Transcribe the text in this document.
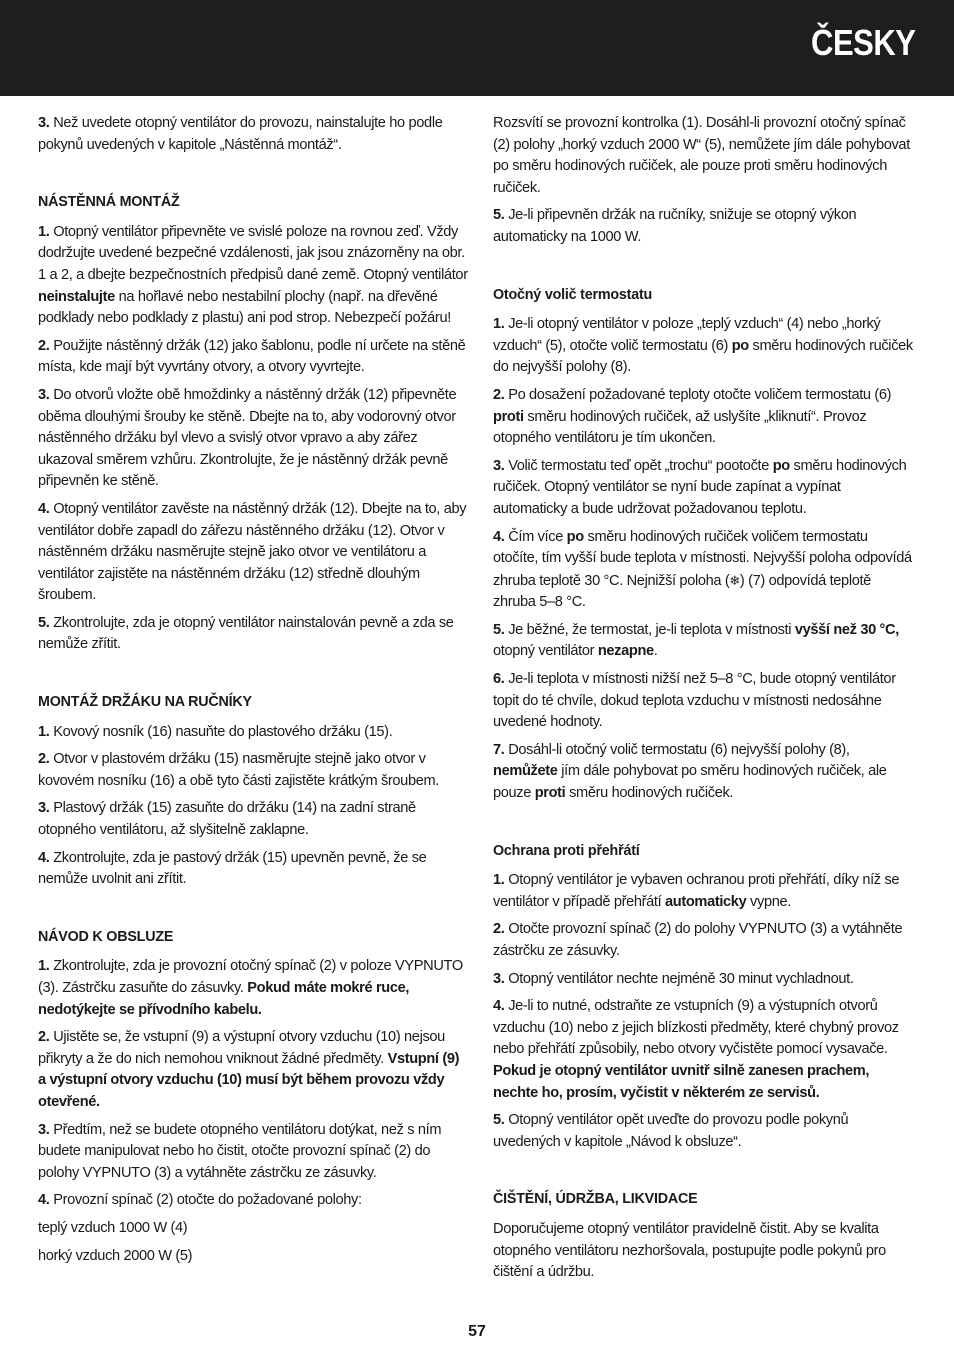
ČESKY

3. Než uvedete otopný ventilátor do provozu, nainstalujte ho podle pokynů uvedených v kapitole „Nástěnná montáž“.

NÁSTĚNNÁ MONTÁŽ

1. Otopný ventilátor připevněte ve svislé poloze na rovnou zeď. Vždy dodržujte uvedené bezpečné vzdálenosti, jak jsou znázorněny na obr. 1 a 2, a dbejte bezpečnostních předpisů dané země. Otopný ventilátor neinstalujte na hořlavé nebo nestabilní plochy (např. na dřevěné podklady nebo podklady z plastu) ani pod strop. Nebezpečí požáru!

2. Použijte nástěnný držák (12) jako šablonu, podle ní určete na stěně místa, kde mají být vyvrtány otvory, a otvory vyvrtejte.

3. Do otvorů vložte obě hmoždinky a nástěnný držák (12) připevněte oběma dlouhými šrouby ke stěně. Dbejte na to, aby vodorovný otvor nástěnného držáku byl vlevo a svislý otvor vpravo a aby zářez ukazoval směrem vzhůru. Zkontrolujte, že je nástěnný držák pevně připevněn ke stěně.

4. Otopný ventilátor zavěste na nástěnný držák (12). Dbejte na to, aby ventilátor dobře zapadl do zářezu nástěnného držáku (12). Otvor v nástěnném držáku nasměrujte stejně jako otvor ve ventilátoru a ventilátor zajistěte na nástěnném držáku (12) středně dlouhým šroubem.

5. Zkontrolujte, zda je otopný ventilátor nainstalován pevně a zda se nemůže zřítit.

MONTÁŽ DRŽÁKU NA RUČNÍKY

1. Kovový nosník (16) nasuňte do plastového držáku (15).

2. Otvor v plastovém držáku (15) nasměrujte stejně jako otvor v kovovém nosníku (16) a obě tyto části zajistěte krátkým šroubem.

3. Plastový držák (15) zasuňte do držáku (14) na zadní straně otopného ventilátoru, až slyšitelně zaklapne.

4. Zkontrolujte, zda je pastový držák (15) upevněn pevně, že se nemůže uvolnit ani zřítit.

NÁVOD K OBSLUZE

1. Zkontrolujte, zda je provozní otočný spínač (2) v poloze VYPNUTO (3). Zástrčku zasuňte do zásuvky. Pokud máte mokré ruce, nedotýkejte se přívodního kabelu.

2. Ujistěte se, že vstupní (9) a výstupní otvory vzduchu (10) nejsou přikryty a že do nich nemohou vniknout žádné předměty. Vstupní (9) a výstupní otvory vzduchu (10) musí být během provozu vždy otevřené.

3. Předtím, než se budete otopného ventilátoru dotýkat, než s ním budete manipulovat nebo ho čistit, otočte provozní spínač (2) do polohy VYPNUTO (3) a vytáhněte zástrčku ze zásuvky.

4. Provozní spínač (2) otočte do požadované polohy:

teplý vzduch 1000 W (4)

horký vzduch 2000 W (5)

Rozsvítí se provozní kontrolka (1). Dosáhl-li provozní otočný spínač (2) polohy „horký vzduch 2000 W“ (5), nemůžete jím dále pohybovat po směru hodinových ručiček, ale pouze proti směru hodinových ručiček.

5. Je-li připevněn držák na ručníky, snižuje se otopný výkon automaticky na 1000 W.

Otočný volič termostatu

1. Je-li otopný ventilátor v poloze „teplý vzduch“ (4) nebo „horký vzduch“ (5), otočte volič termostatu (6) po směru hodinových ručiček do nejvyšší polohy (8).

2. Po dosažení požadované teploty otočte voličem termostatu (6) proti směru hodinových ručiček, až uslyšíte „kliknutí“. Provoz otopného ventilátoru je tím ukončen.

3. Volič termostatu teď opět „trochu“ pootočte po směru hodinových ručiček. Otopný ventilátor se nyní bude zapínat a vypínat automaticky a bude udržovat požadovanou teplotu.

4. Čím více po směru hodinových ručiček voličem termostatu otočíte, tím vyšší bude teplota v místnosti. Nejvyšší poloha odpovídá zhruba teplotě 30 °C. Nejnižší poloha (❄) (7) odpovídá teplotě zhruba 5–8 °C.

5. Je běžné, že termostat, je-li teplota v místnosti vyšší než 30 °C, otopný ventilátor nezapne.

6. Je-li teplota v místnosti nižší než 5–8 °C, bude otopný ventilátor topit do té chvíle, dokud teplota vzduchu v místnosti nedosáhne uvedené hodnoty.

7. Dosáhl-li otočný volič termostatu (6) nejvyšší polohy (8), nemůžete jím dále pohybovat po směru hodinových ručiček, ale pouze proti směru hodinových ručiček.

Ochrana proti přehřátí

1. Otopný ventilátor je vybaven ochranou proti přehřátí, díky níž se ventilátor v případě přehřátí automaticky vypne.

2. Otočte provozní spínač (2) do polohy VYPNUTO (3) a vytáhněte zástrčku ze zásuvky.

3. Otopný ventilátor nechte nejméně 30 minut vychladnout.

4. Je-li to nutné, odstraňte ze vstupních (9) a výstupních otvorů vzduchu (10) nebo z jejich blízkosti předměty, které chybný provoz nebo přehřátí způsobily, nebo otvory vyčistěte pomocí vysavače. Pokud je otopný ventilátor uvnitř silně zanesen prachem, nechte ho, prosím, vyčistit v některém ze servisů.

5. Otopný ventilátor opět uveďte do provozu podle pokynů uvedených v kapitole „Návod k obsluze“.

ČIŠTĚNÍ, ÚDRŽBA, LIKVIDACE

Doporučujeme otopný ventilátor pravidelně čistit. Aby se kvalita otopného ventilátoru nezhoršovala, postupujte podle pokynů pro čištění a údržbu.

57
